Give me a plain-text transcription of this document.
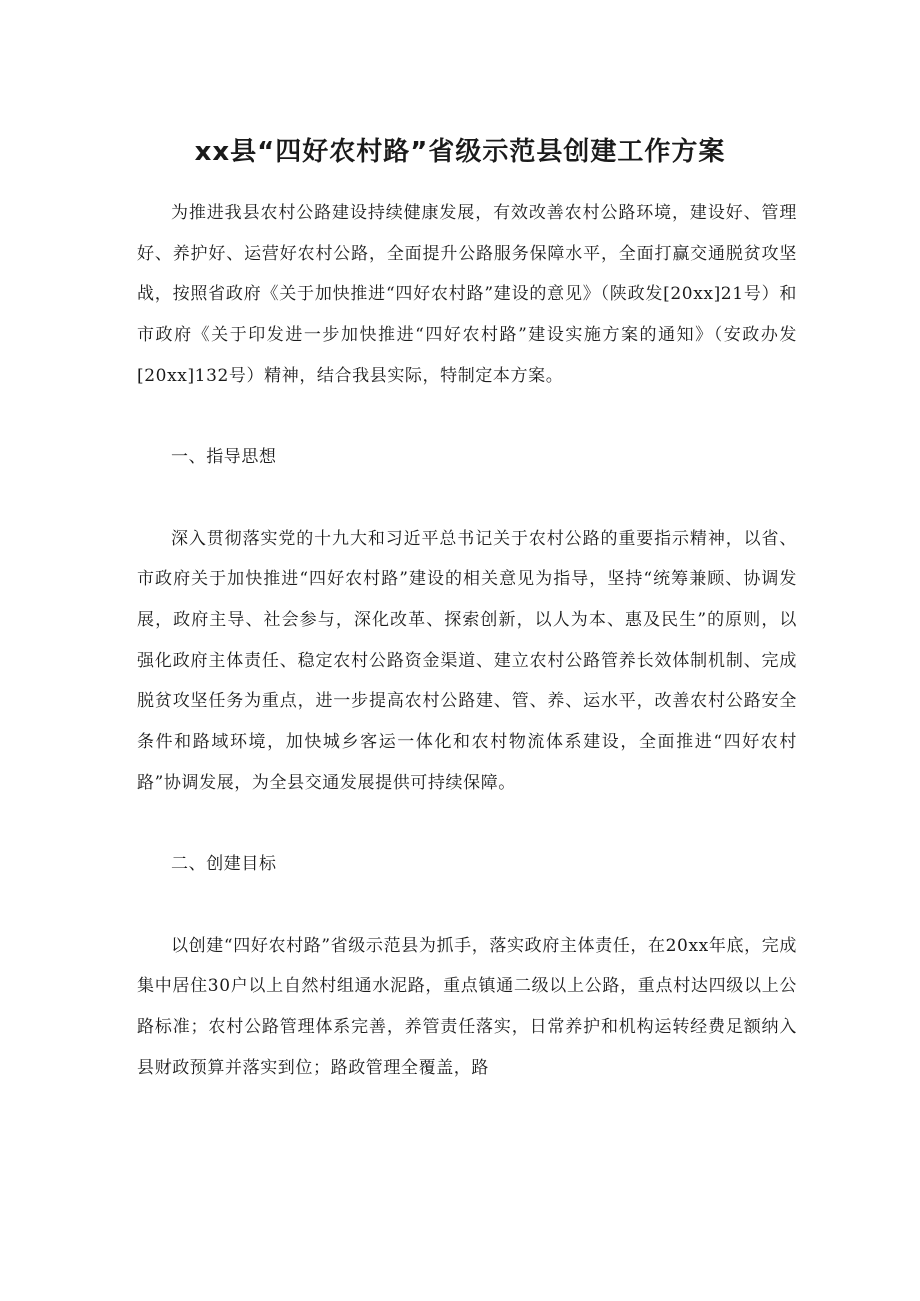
xx县“四好农村路”省级示范县创建工作方案

为推进我县农村公路建设持续健康发展，有效改善农村公路环境，建设好、管理好、养护好、运营好农村公路，全面提升公路服务保障水平，全面打赢交通脱贫攻坚战，按照省政府《关于加快推进“四好农村路”建设的意见》（陕政发[20xx]21号）和市政府《关于印发进一步加快推进“四好农村路”建设实施方案的通知》（安政办发[20xx]132号）精神，结合我县实际，特制定本方案。

一、指导思想

深入贯彻落实党的十九大和习近平总书记关于农村公路的重要指示精神，以省、市政府关于加快推进“四好农村路”建设的相关意见为指导，坚持“统筹兼顾、协调发展，政府主导、社会参与，深化改革、探索创新，以人为本、惠及民生”的原则，以强化政府主体责任、稳定农村公路资金渠道、建立农村公路管养长效体制机制、完成脱贫攻坚任务为重点，进一步提高农村公路建、管、养、运水平，改善农村公路安全条件和路域环境，加快城乡客运一体化和农村物流体系建设，全面推进“四好农村路”协调发展，为全县交通发展提供可持续保障。

二、创建目标

以创建“四好农村路”省级示范县为抓手，落实政府主体责任，在20xx年底，完成集中居住30户以上自然村组通水泥路，重点镇通二级以上公路，重点村达四级以上公路标准；农村公路管理体系完善，养管责任落实，日常养护和机构运转经费足额纳入县财政预算并落实到位；路政管理全覆盖，路
